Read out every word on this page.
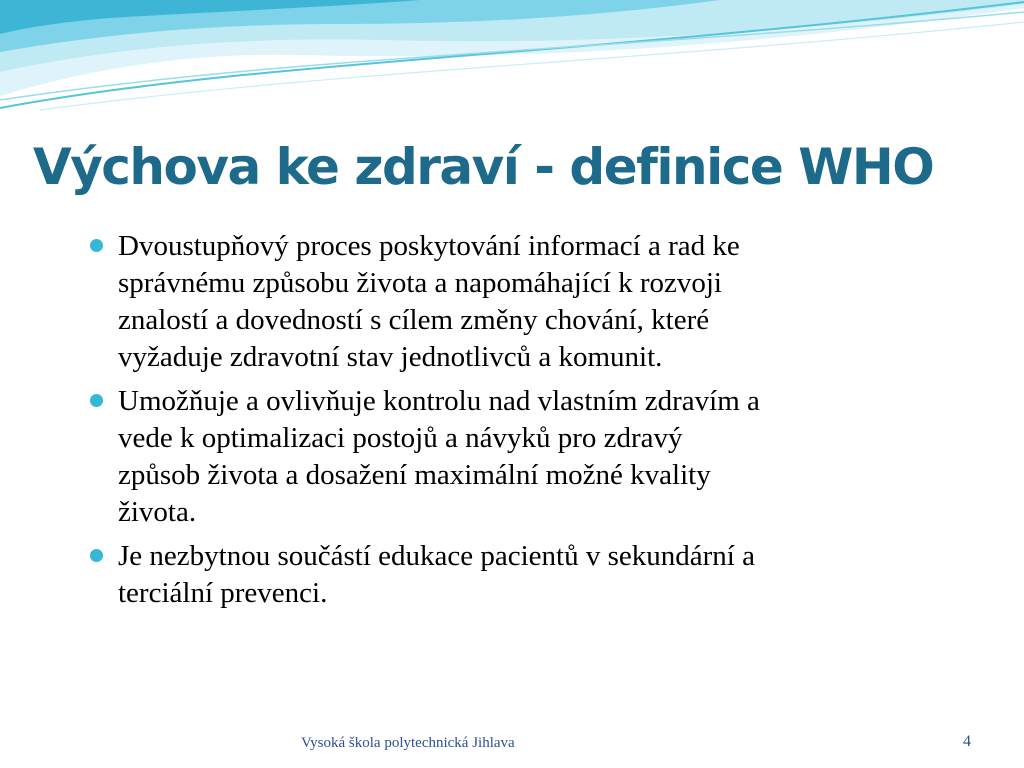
Výchova ke zdraví - definice WHO
Dvoustupňový proces poskytování informací a rad ke
správnému způsobu života a napomáhající k rozvoji
znalostí a dovedností s cílem změny chování, které
vyžaduje zdravotní stav jednotlivců a komunit.
Umožňuje a ovlivňuje kontrolu nad vlastním zdravím a
vede k optimalizaci postojů a návyků pro zdravý
způsob života a dosažení maximální možné kvality
života.
Je nezbytnou součástí edukace pacientů v sekundární a
terciální prevenci.
Vysoká škola polytechnická Jihlava	4
